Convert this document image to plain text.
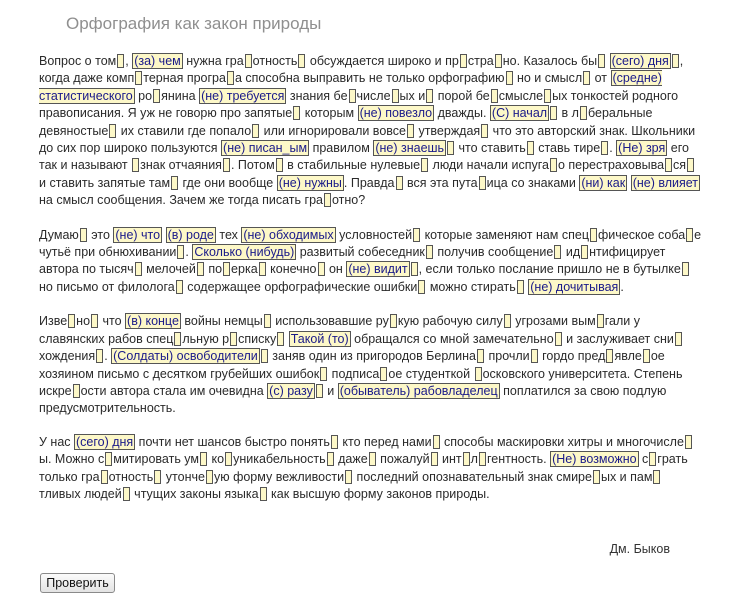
Орфография как закон природы

Вопрос о том , (за) чем нужна гра отность обсуждается широко и пр стра но. Казалось бы (сего) дня , когда даже комп терная програ а способна выправить не только орфографию но и смысл от (средне) статистического ро янина (не) требуется знания бе числе ых и порой бе смысле ых тонкостей родного правописания. Я уж не говорю про запятые которым (не) повезло дважды. (С) начал в л беральные девяностые их ставили где попало или игнорировали вовсе утверждая что это авторский знак. Школьники до сих пор широко пользуются (не) писан_ым правилом (не) знаешь что ставить ставь тире . (Не) зря его так и называют знак отчаяния . Потом в стабильные нулевые люди начали испуга о перестраховыва ся и ставить запятые там где они вообще (не) нужны . Правда вся эта пута ица со знаками (ни) как (не) влияет на смысл сообщения. Зачем же тогда писать гра отно?

Думаю это (не) что (в) роде тех (не) обходимых условностей которые заменяют нам спец фическое соба е чутьё при обнюхивании . Сколько (нибудь) развитый собеседник получив сообщение ид нтифицирует автора по тысяч мелочей по ерка конечно он (не) видит , если только послание пришло не в бутылке но письмо от филолога содержащее орфографические ошибки можно стирать (не) дочитывая .

Изве но что (в) конце войны немцы использовавшие ру кую рабочую силу угрозами вым гали у славянских рабов спец льную р списку Такой (то) обращался со мной замечательно и заслуживает снихождения . (Солдаты) освободители заняв один из пригородов Берлина прочли гордо пред явле ое хозяином письмо с десятком грубейших ошибок подписа ое студенткой осковского университета. Степень искре ости автора стала им очевидна (с) разу и (обыватель) рабовладелец поплатился за свою подлую предусмотрительность.

У нас (сего) дня почти нет шансов быстро понять кто перед нами способы маскировки хитры и многочислеы. Можно с митировать ум ко уникабельность даже пожалуй инт л гентность. (Не) возможно с грать только гра отность утонче ую форму вежливости последний опознавательный знак смире ых и памтливых людей чтущих законы языка как высшую форму законов природы.

Дм. Быков
Проверить
